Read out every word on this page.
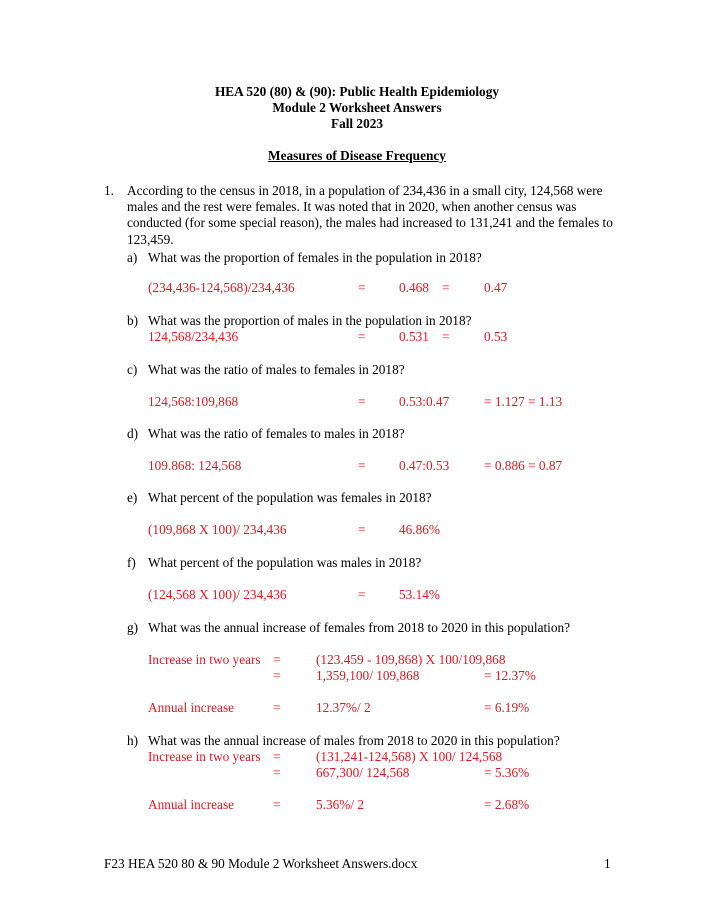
HEA 520 (80) & (90): Public Health Epidemiology
Module 2 Worksheet Answers
Fall 2023
Measures of Disease Frequency
1. According to the census in 2018, in a population of 234,436 in a small city, 124,568 were males and the rest were females. It was noted that in 2020, when another census was conducted (for some special reason), the males had increased to 131,241 and the females to 123,459.
a) What was the proportion of females in the population in 2018?
(234,436-124,568)/234,436	=	0.468 =	0.47
b) What was the proportion of males in the population in 2018?
124,568/234,436	=	0.531 =	0.53
c) What was the ratio of males to females in 2018?
124,568:109,868	=	0.53:0.47	= 1.127 = 1.13
d) What was the ratio of females to males in 2018?
109.868: 124,568	=	0.47:0.53	= 0.886 = 0.87
e) What percent of the population was females in 2018?
(109,868 X 100)/ 234,436	=	46.86%
f) What percent of the population was males in 2018?
(124,568 X 100)/ 234,436	=	53.14%
g) What was the annual increase of females from 2018 to 2020 in this population?
Increase in two years =	(123.459 - 109,868) X 100/109,868
=	1,359,100/ 109,868	= 12.37%
Annual increase	=	12.37%/ 2	= 6.19%
h) What was the annual increase of males from 2018 to 2020 in this population?
Increase in two years =	(131,241-124,568) X 100/ 124,568
=	667,300/ 124,568	= 5.36%
Annual increase	=	5.36%/ 2	= 2.68%
F23 HEA 520 80 & 90 Module 2 Worksheet Answers.docx	1
